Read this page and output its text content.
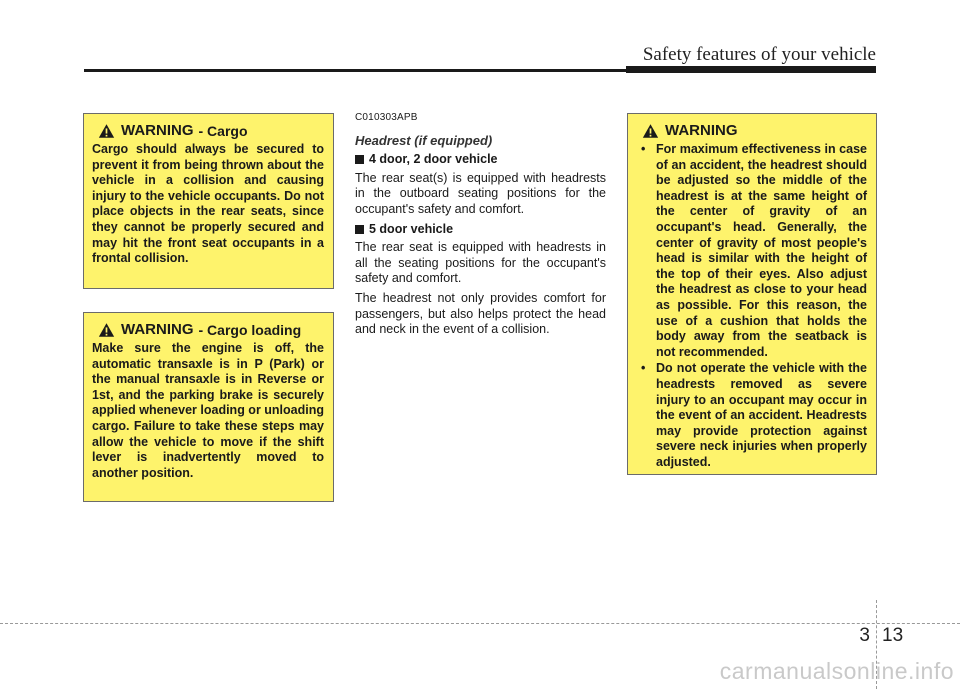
Safety features of your vehicle
WARNING - Cargo
Cargo should always be secured to prevent it from being thrown about the vehicle in a collision and causing injury to the vehicle occupants. Do not place objects in the rear seats, since they cannot be properly secured and may hit the front seat occupants in a frontal collision.
WARNING - Cargo loading
Make sure the engine is off, the automatic transaxle is in P (Park) or the manual transaxle is in Reverse or 1st, and the parking brake is securely applied whenever loading or unloading cargo. Failure to take these steps may allow the vehicle to move if the shift lever is inadvertently moved to another position.
C010303APB
Headrest (if equipped)
4 door, 2 door vehicle

The rear seat(s) is equipped with headrests in the outboard seating positions for the occupant's safety and comfort.

5 door vehicle

The rear seat is equipped with headrests in all the seating positions for the occupant's safety and comfort.

The headrest not only provides comfort for passengers, but also helps protect the head and neck in the event of a collision.

WARNING
• For maximum effectiveness in case of an accident, the headrest should be adjusted so the middle of the headrest is at the same height of the center of gravity of an occupant's head. Generally, the center of gravity of most people's head is similar with the height of the top of their eyes. Also adjust the headrest as close to your head as possible. For this reason, the use of a cushion that holds the body away from the seatback is not recommended.
• Do not operate the vehicle with the headrests removed as severe injury to an occupant may occur in the event of an accident. Headrests may provide protection against severe neck injuries when properly adjusted.
3 13
carmanualsonline.info
